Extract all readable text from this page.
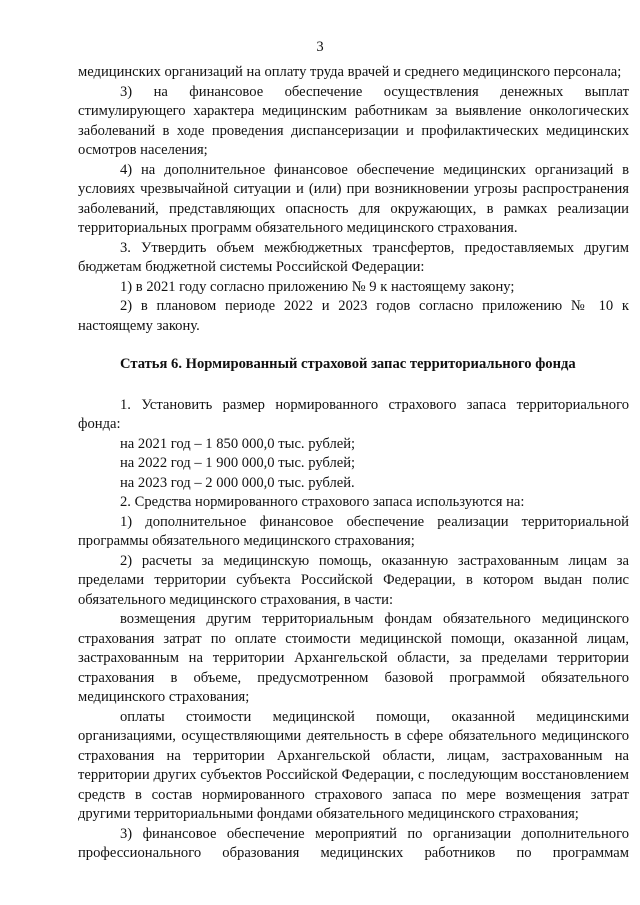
3

медицинских организаций на оплату труда врачей и среднего медицинского персонала;

3) на финансовое обеспечение осуществления денежных выплат стимулирующего характера медицинским работникам за выявление онкологических заболеваний в ходе проведения диспансеризации и профилактических медицинских осмотров населения;

4) на дополнительное финансовое обеспечение медицинских организаций в условиях чрезвычайной ситуации и (или) при возникновении угрозы распространения заболеваний, представляющих опасность для окружающих, в рамках реализации территориальных программ обязательного медицинского страхования.

3. Утвердить объем межбюджетных трансфертов, предоставляемых другим бюджетам бюджетной системы Российской Федерации:

1) в 2021 году согласно приложению № 9 к настоящему закону;

2) в плановом периоде 2022 и 2023 годов согласно приложению № 10 к настоящему закону.

Статья 6. Нормированный страховой запас территориального фонда

1. Установить размер нормированного страхового запаса территориального фонда:

на 2021 год – 1 850 000,0 тыс. рублей;

на 2022 год – 1 900 000,0 тыс. рублей;

на 2023 год – 2 000 000,0 тыс. рублей.

2. Средства нормированного страхового запаса используются на:

1) дополнительное финансовое обеспечение реализации территориальной программы обязательного медицинского страхования;

2) расчеты за медицинскую помощь, оказанную застрахованным лицам за пределами территории субъекта Российской Федерации, в котором выдан полис обязательного медицинского страхования, в части:

возмещения другим территориальным фондам обязательного медицинского страхования затрат по оплате стоимости медицинской помощи, оказанной лицам, застрахованным на территории Архангельской области, за пределами территории страхования в объеме, предусмотренном базовой программой обязательного медицинского страхования;

оплаты стоимости медицинской помощи, оказанной медицинскими организациями, осуществляющими деятельность в сфере обязательного медицинского страхования на территории Архангельской области, лицам, застрахованным на территории других субъектов Российской Федерации, с последующим восстановлением средств в состав нормированного страхового запаса по мере возмещения затрат другими территориальными фондами обязательного медицинского страхования;

3) финансовое обеспечение мероприятий по организации дополнительного профессионального образования медицинских работников по программам
